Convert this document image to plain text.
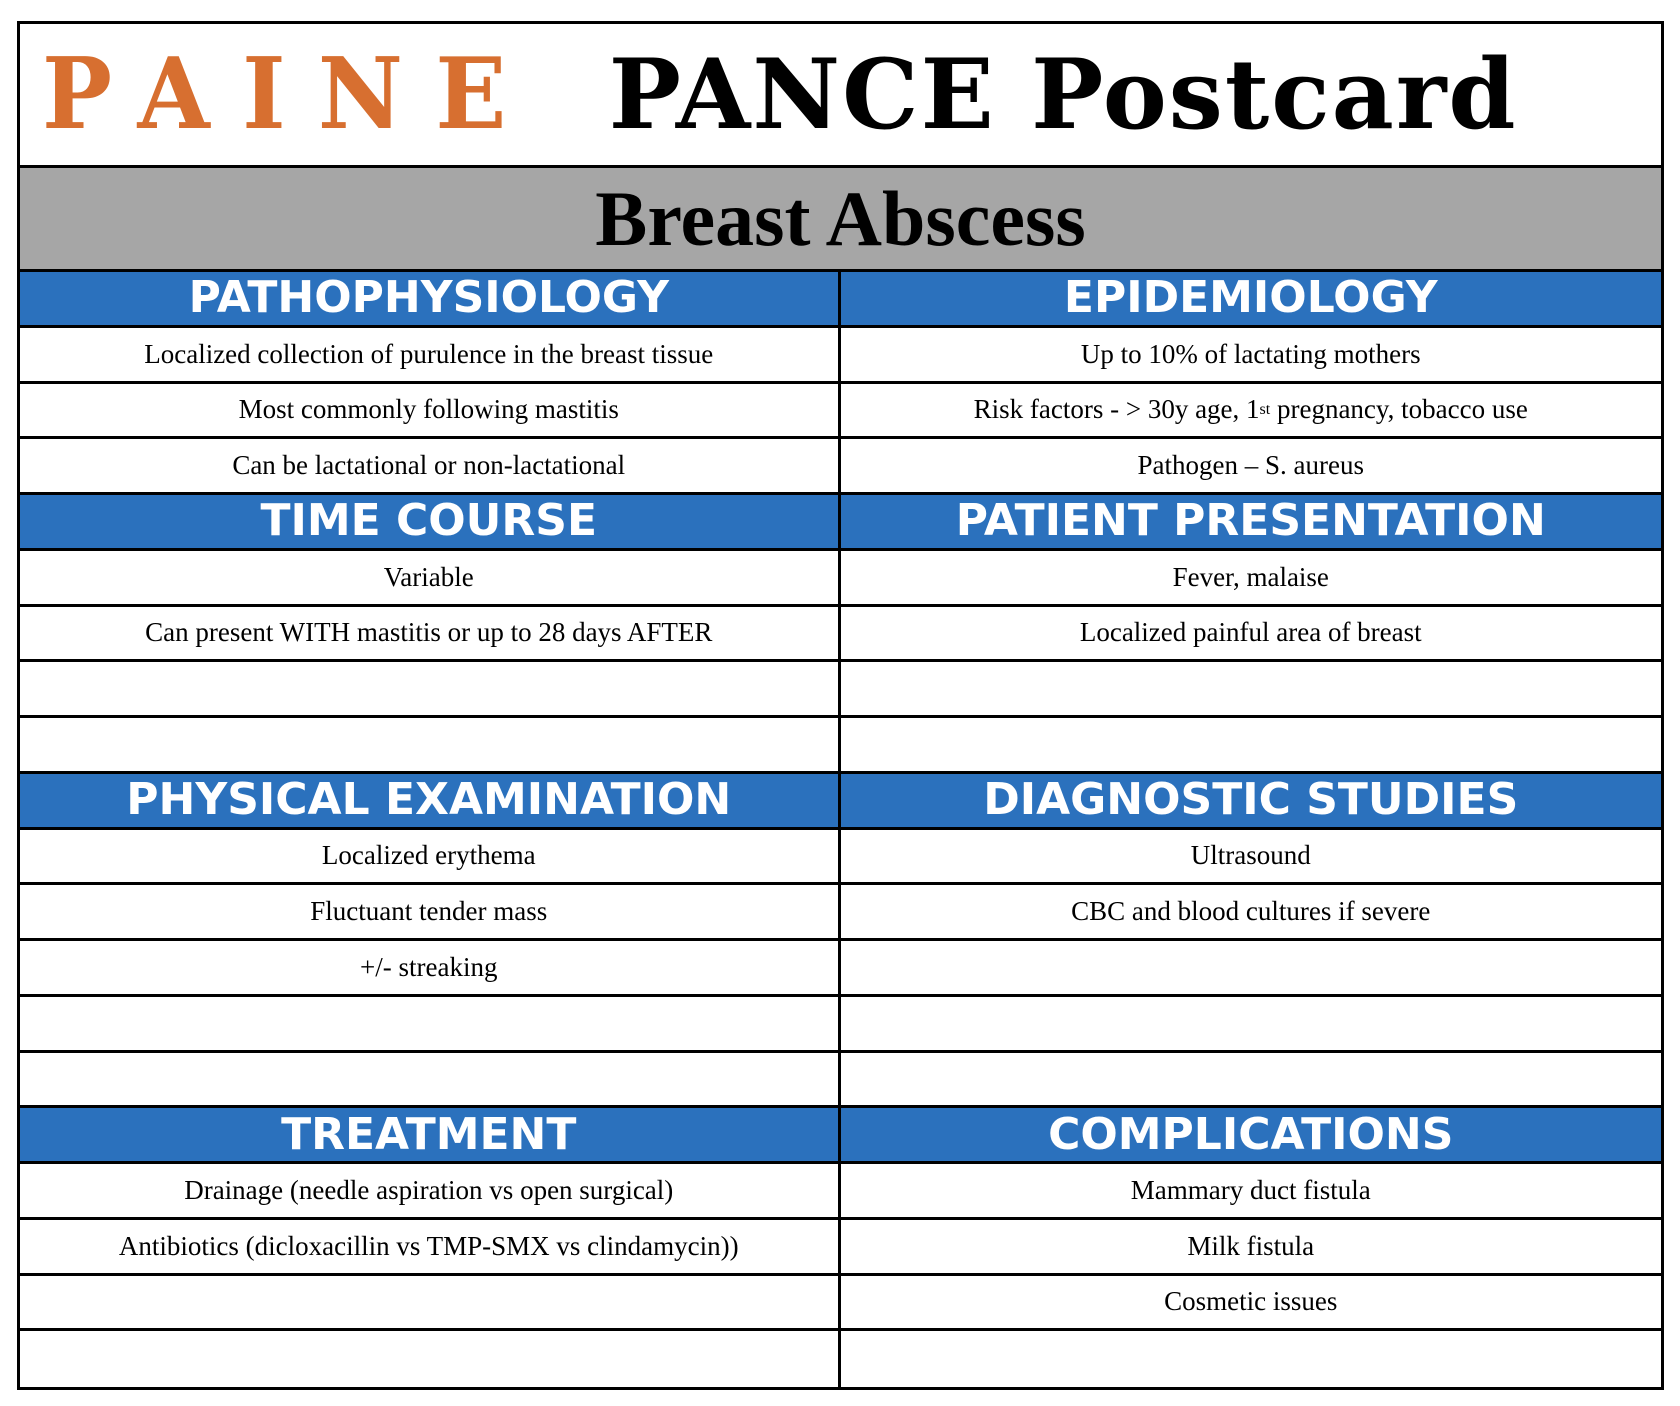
PAINE PANCE Postcard
Breast Abscess
PATHOPHYSIOLOGY
Localized collection of purulence in the breast tissue
Most commonly following mastitis
Can be lactational or non-lactational
TIME COURSE
Variable
Can present WITH mastitis or up to 28 days AFTER
PHYSICAL EXAMINATION
Localized erythema
Fluctuant tender mass
+/- streaking
TREATMENT
Drainage (needle aspiration vs open surgical)
Antibiotics (dicloxacillin vs TMP-SMX vs clindamycin))
EPIDEMIOLOGY
Up to 10% of lactating mothers
Risk factors - > 30y age, 1 st pregnancy, tobacco use
Pathogen – S. aureus
PATIENT PRESENTATION
Fever, malaise
Localized painful area of breast
DIAGNOSTIC STUDIES
Ultrasound
CBC and blood cultures if severe
COMPLICATIONS
Mammary duct fistula
Milk fistula
Cosmetic issues
